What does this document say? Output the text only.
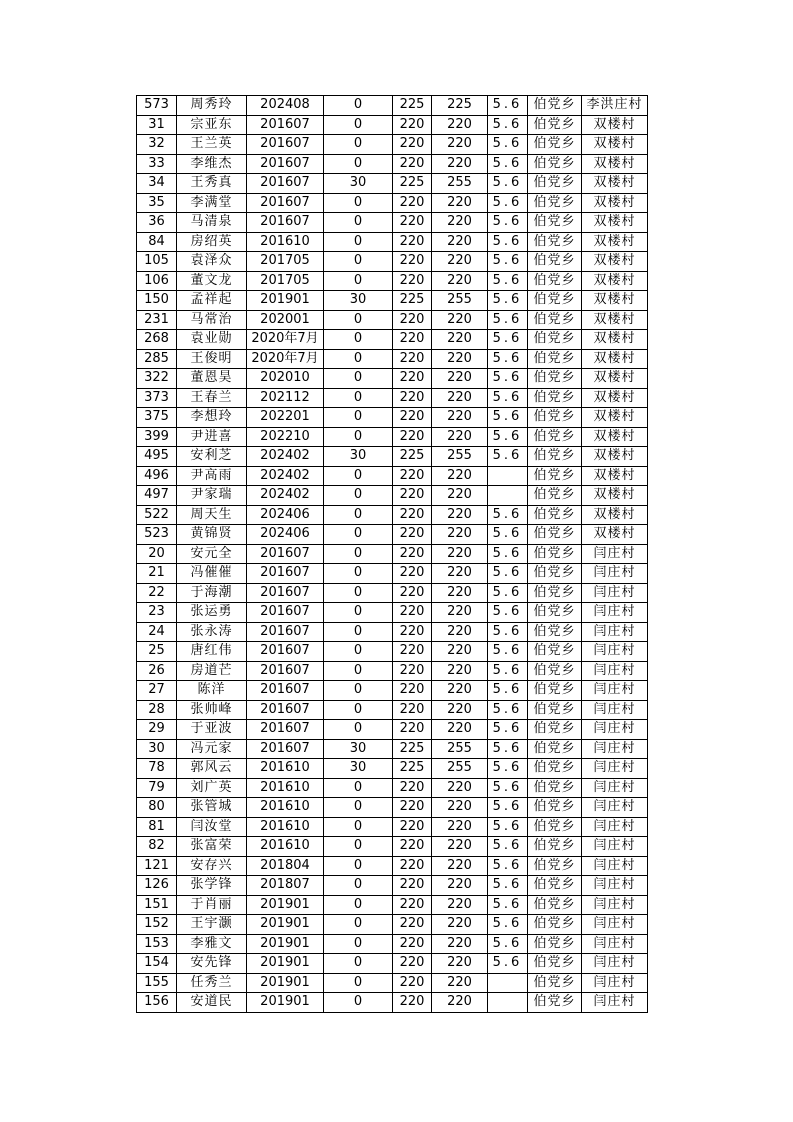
573	周秀玲	202408	0	225	225	5.6	伯党乡	李洪庄村
31	宗亚东	201607	0	220	220	5.6	伯党乡	双楼村
32	王兰英	201607	0	220	220	5.6	伯党乡	双楼村
33	李维杰	201607	0	220	220	5.6	伯党乡	双楼村
34	王秀真	201607	30	225	255	5.6	伯党乡	双楼村
35	李满堂	201607	0	220	220	5.6	伯党乡	双楼村
36	马清泉	201607	0	220	220	5.6	伯党乡	双楼村
84	房绍英	201610	0	220	220	5.6	伯党乡	双楼村
105	袁泽众	201705	0	220	220	5.6	伯党乡	双楼村
106	董文龙	201705	0	220	220	5.6	伯党乡	双楼村
150	孟祥起	201901	30	225	255	5.6	伯党乡	双楼村
231	马常治	202001	0	220	220	5.6	伯党乡	双楼村
268	袁业勋	2020年7月	0	220	220	5.6	伯党乡	双楼村
285	王俊明	2020年7月	0	220	220	5.6	伯党乡	双楼村
322	董恩昊	202010	0	220	220	5.6	伯党乡	双楼村
373	王春兰	202112	0	220	220	5.6	伯党乡	双楼村
375	李想玲	202201	0	220	220	5.6	伯党乡	双楼村
399	尹进喜	202210	0	220	220	5.6	伯党乡	双楼村
495	安利芝	202402	30	225	255	5.6	伯党乡	双楼村
496	尹高雨	202402	0	220	220		伯党乡	双楼村
497	尹家瑞	202402	0	220	220		伯党乡	双楼村
522	周天生	202406	0	220	220	5.6	伯党乡	双楼村
523	黄锦贤	202406	0	220	220	5.6	伯党乡	双楼村
20	安元全	201607	0	220	220	5.6	伯党乡	闫庄村
21	冯催催	201607	0	220	220	5.6	伯党乡	闫庄村
22	于海潮	201607	0	220	220	5.6	伯党乡	闫庄村
23	张运勇	201607	0	220	220	5.6	伯党乡	闫庄村
24	张永涛	201607	0	220	220	5.6	伯党乡	闫庄村
25	唐红伟	201607	0	220	220	5.6	伯党乡	闫庄村
26	房道芒	201607	0	220	220	5.6	伯党乡	闫庄村
27	陈洋	201607	0	220	220	5.6	伯党乡	闫庄村
28	张帅峰	201607	0	220	220	5.6	伯党乡	闫庄村
29	于亚波	201607	0	220	220	5.6	伯党乡	闫庄村
30	冯元家	201607	30	225	255	5.6	伯党乡	闫庄村
78	郭风云	201610	30	225	255	5.6	伯党乡	闫庄村
79	刘广英	201610	0	220	220	5.6	伯党乡	闫庄村
80	张管城	201610	0	220	220	5.6	伯党乡	闫庄村
81	闫汝堂	201610	0	220	220	5.6	伯党乡	闫庄村
82	张富荣	201610	0	220	220	5.6	伯党乡	闫庄村
121	安存兴	201804	0	220	220	5.6	伯党乡	闫庄村
126	张学锋	201807	0	220	220	5.6	伯党乡	闫庄村
151	于肖丽	201901	0	220	220	5.6	伯党乡	闫庄村
152	王宇灏	201901	0	220	220	5.6	伯党乡	闫庄村
153	李雅文	201901	0	220	220	5.6	伯党乡	闫庄村
154	安先锋	201901	0	220	220	5.6	伯党乡	闫庄村
155	任秀兰	201901	0	220	220		伯党乡	闫庄村
156	安道民	201901	0	220	220		伯党乡	闫庄村
